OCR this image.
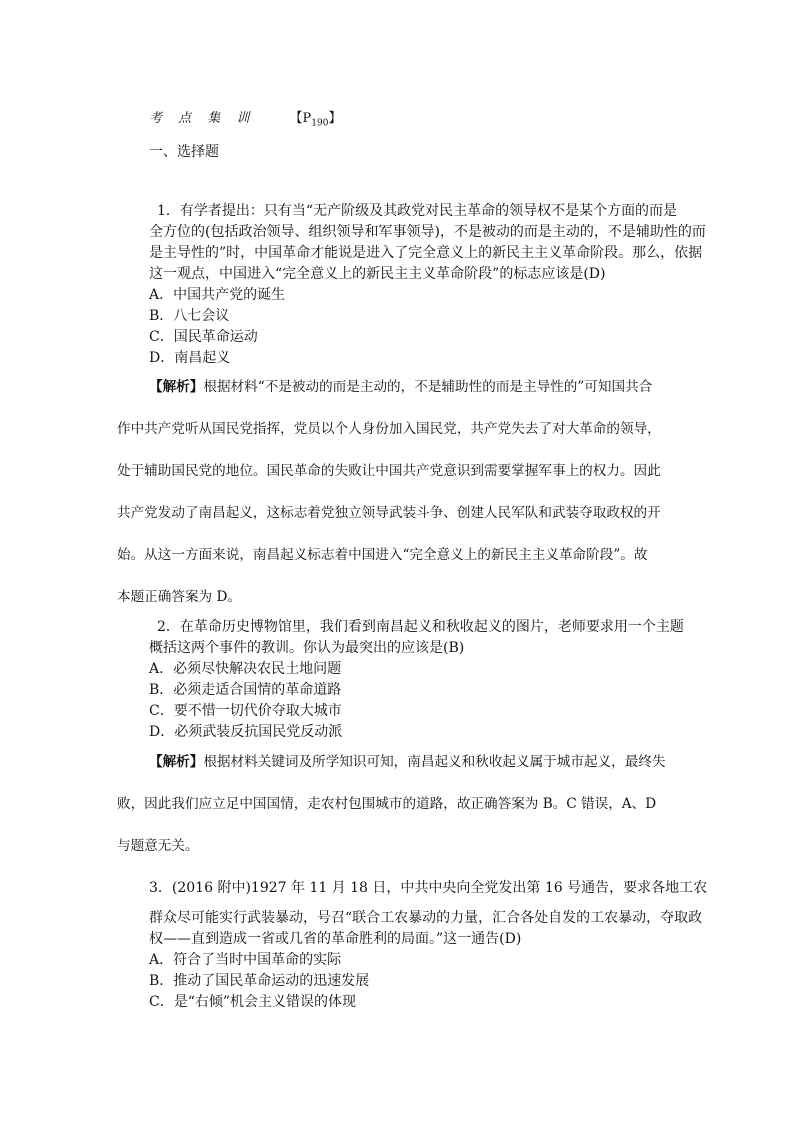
考 点 集 训	【$P_{190}$】
一、选择题
1．有学者提出：只有当“无产阶级及其政党对民主革命的领导权不是某个方面的而是
全方位的(包括政治领导、组织领导和军事领导)，不是被动的而是主动的，不是辅助性的而
是主导性的”时，中国革命才能说是进入了完全意义上的新民主主义革命阶段。那么，依据
这一观点，中国进入“完全意义上的新民主主义革命阶段”的标志应该是(D)
A．中国共产党的诞生
B．八七会议
C．国民革命运动
D．南昌起义
【解析】根据材料“不是被动的而是主动的，不是辅助性的而是主导性的”可知国共合
作中共产党听从国民党指挥，党员以个人身份加入国民党，共产党失去了对大革命的领导，
处于辅助国民党的地位。国民革命的失败让中国共产党意识到需要掌握军事上的权力。因此
共产党发动了南昌起义，这标志着党独立领导武装斗争、创建人民军队和武装夺取政权的开
始。从这一方面来说，南昌起义标志着中国进入“完全意义上的新民主主义革命阶段”。故
本题正确答案为 D。
2．在革命历史博物馆里，我们看到南昌起义和秋收起义的图片，老师要求用一个主题
概括这两个事件的教训。你认为最突出的应该是(B)
A．必须尽快解决农民土地问题
B．必须走适合国情的革命道路
C．要不惜一切代价夺取大城市
D．必须武装反抗国民党反动派
【解析】根据材料关键词及所学知识可知，南昌起义和秋收起义属于城市起义，最终失
败，因此我们应立足中国国情，走农村包围城市的道路，故正确答案为 B。C 错误，A、D
与题意无关。
3．(2016 附中)1927 年 11 月 18 日，中共中央向全党发出第 16 号通告，要求各地工农
群众尽可能实行武装暴动，号召“联合工农暴动的力量，汇合各处自发的工农暴动，夺取政
权——直到造成一省或几省的革命胜利的局面。”这一通告(D)
A．符合了当时中国革命的实际
B．推动了国民革命运动的迅速发展
C．是“右倾”机会主义错误的体现
